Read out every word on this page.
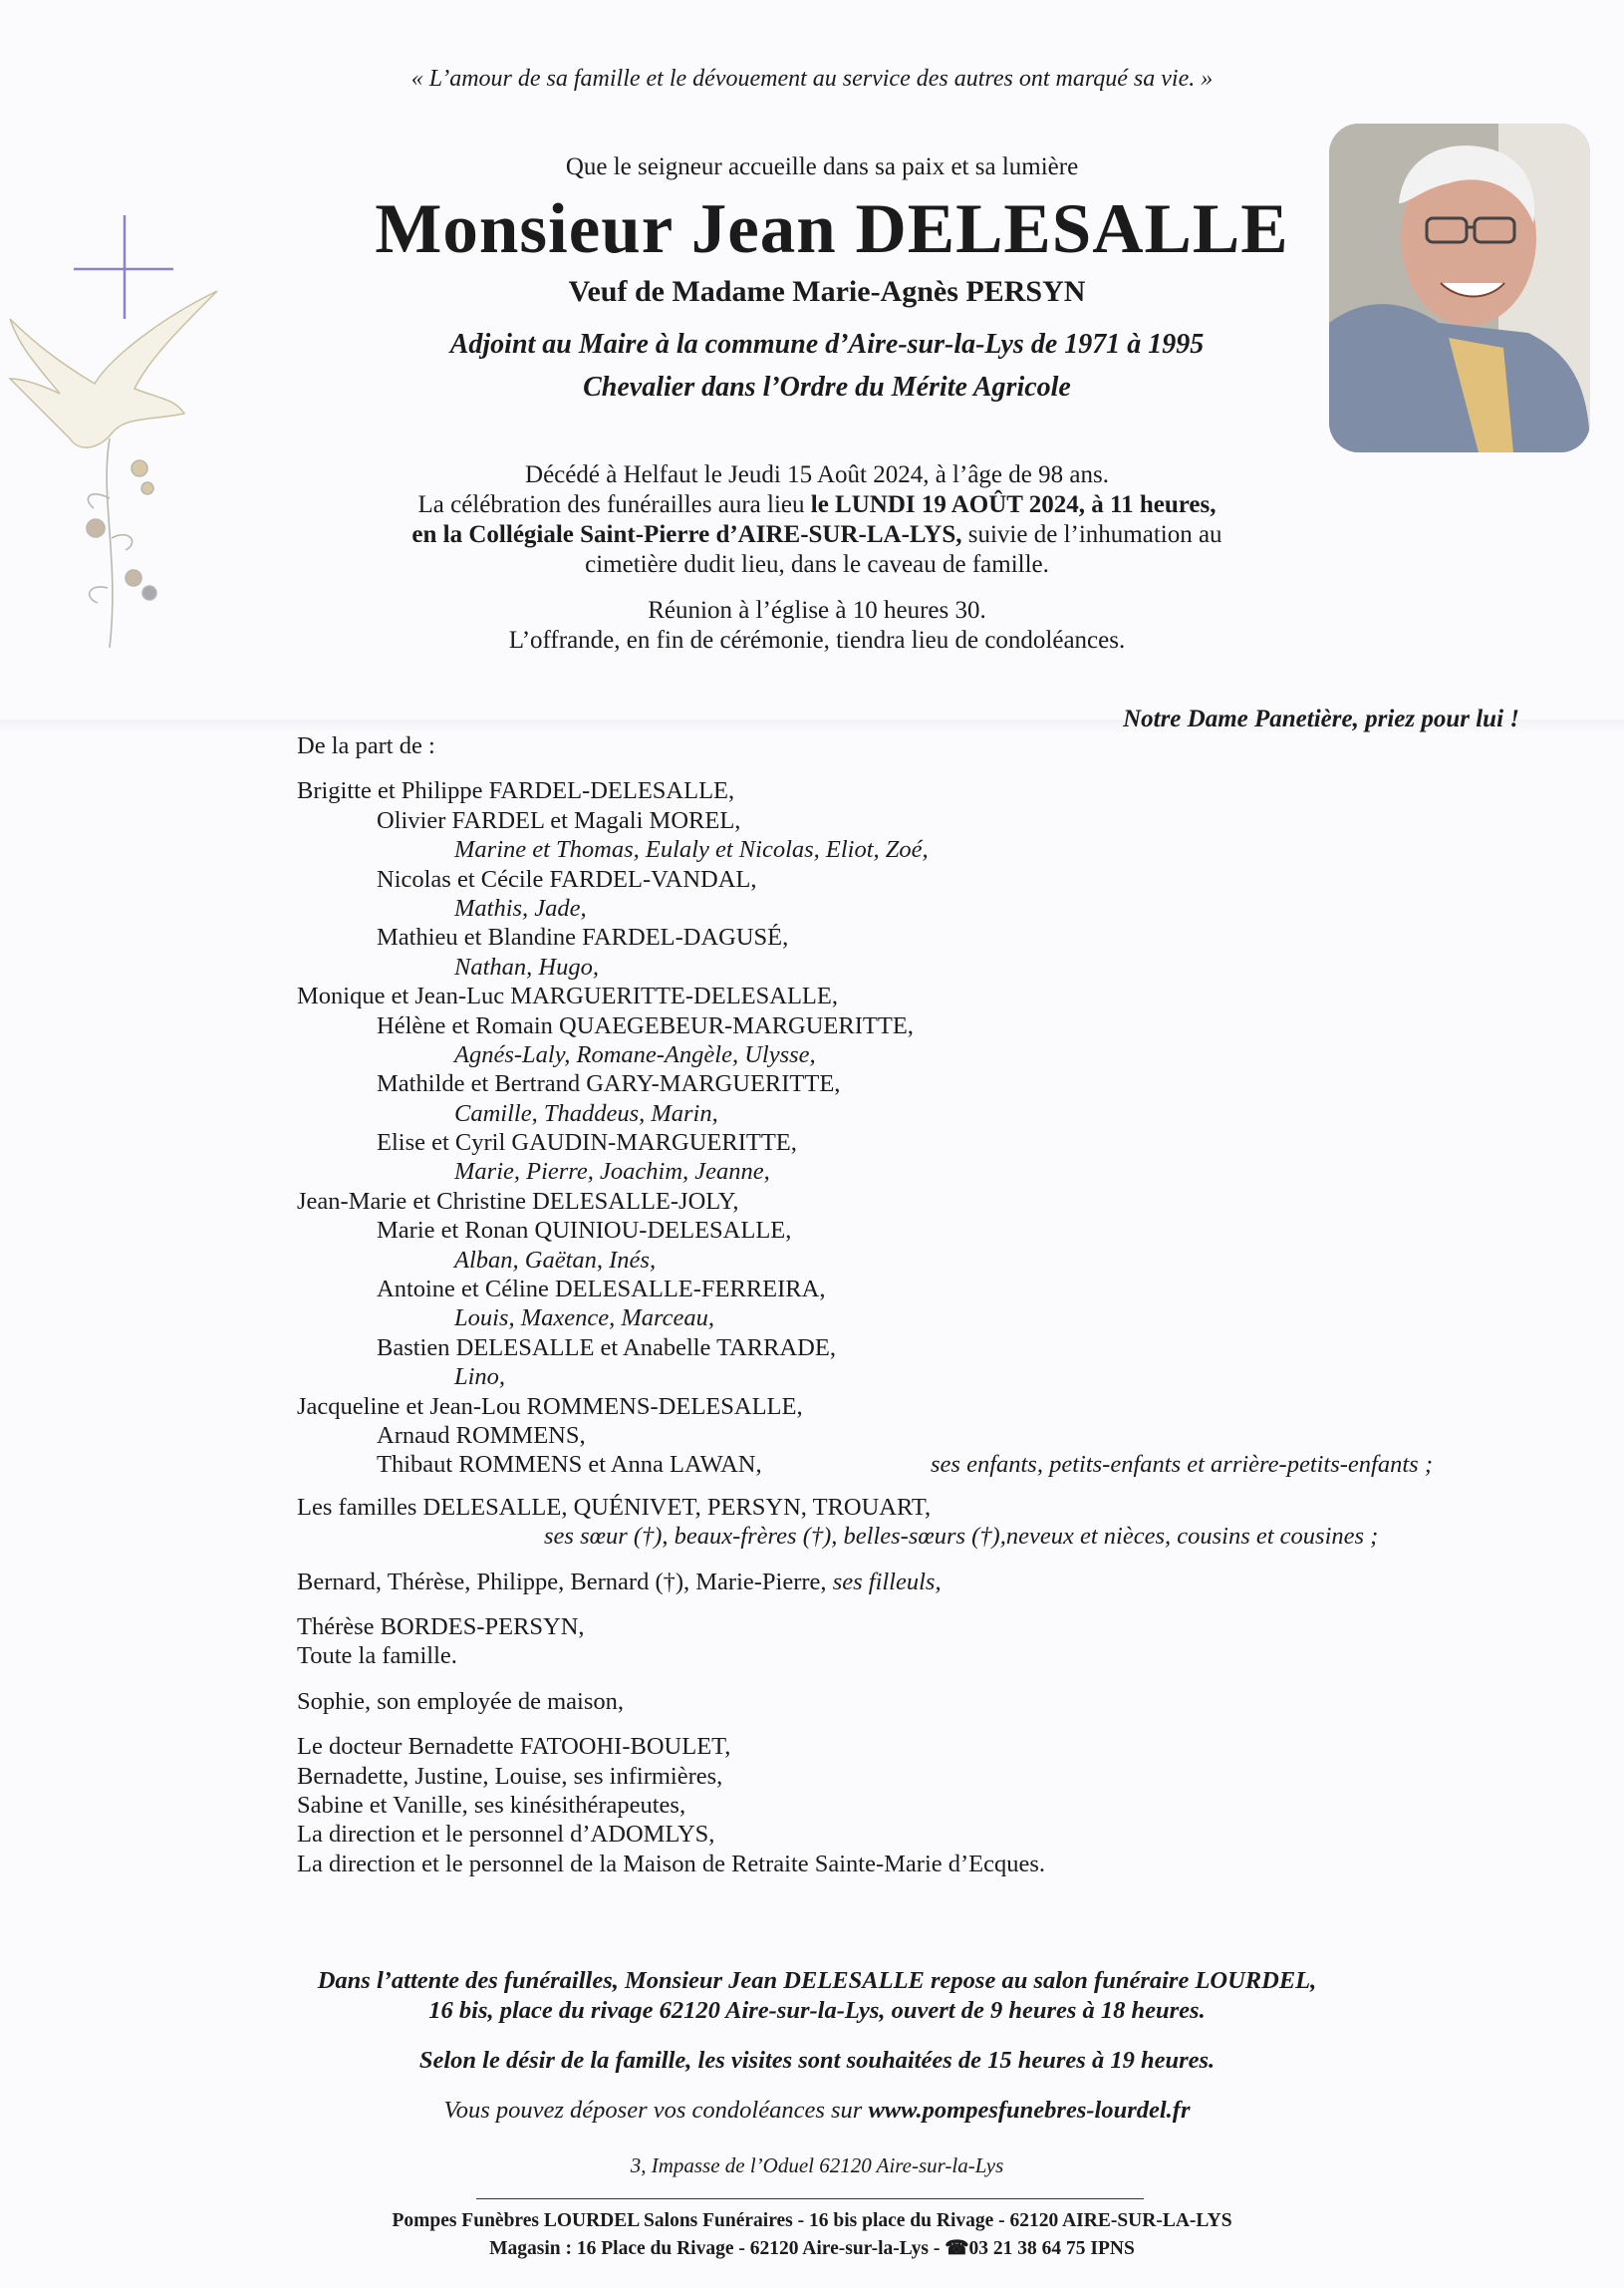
« L’amour de sa famille et le dévouement au service des autres ont marqué sa vie. »
Que le seigneur accueille dans sa paix et sa lumière
Monsieur Jean DELESALLE
Veuf de Madame Marie-Agnès PERSYN
Adjoint au Maire à la commune d’Aire-sur-la-Lys de 1971 à 1995
Chevalier dans l’Ordre du Mérite Agricole
Décédé à Helfaut le Jeudi 15 Août 2024, à l’âge de 98 ans.
La célébration des funérailles aura lieu le LUNDI 19 AOÛT 2024, à 11 heures,
en la Collégiale Saint-Pierre d’AIRE-SUR-LA-LYS, suivie de l’inhumation au
cimetière dudit lieu, dans le caveau de famille.
Réunion à l’église à 10 heures 30.
L’offrande, en fin de cérémonie, tiendra lieu de condoléances.
Notre Dame Panetière, priez pour lui !
De la part de :
Brigitte et Philippe FARDEL-DELESALLE,
Olivier FARDEL et Magali MOREL,
Marine et Thomas, Eulaly et Nicolas, Eliot, Zoé,
Nicolas et Cécile FARDEL-VANDAL,
Mathis, Jade,
Mathieu et Blandine FARDEL-DAGUSÉ,
Nathan, Hugo,
Monique et Jean-Luc MARGUERITTE-DELESALLE,
Hélène et Romain QUAEGEBEUR-MARGUERITTE,
Agnés-Laly, Romane-Angèle, Ulysse,
Mathilde et Bertrand GARY-MARGUERITTE,
Camille, Thaddeus, Marin,
Elise et Cyril GAUDIN-MARGUERITTE,
Marie, Pierre, Joachim, Jeanne,
Jean-Marie et Christine DELESALLE-JOLY,
Marie et Ronan QUINIOU-DELESALLE,
Alban, Gaëtan, Inés,
Antoine et Céline DELESALLE-FERREIRA,
Louis, Maxence, Marceau,
Bastien DELESALLE et Anabelle TARRADE,
Lino,
Jacqueline et Jean-Lou ROMMENS-DELESALLE,
Arnaud ROMMENS,
Thibaut ROMMENS et Anna LAWAN,	ses enfants, petits-enfants et arrière-petits-enfants ;
Les familles DELESALLE, QUÉNIVET, PERSYN, TROUART,
ses sœur (†), beaux-frères (†), belles-sœurs (†),neveux et nièces, cousins et cousines ;
Bernard, Thérèse, Philippe, Bernard (†), Marie-Pierre, ses filleuls,
Thérèse BORDES-PERSYN,
Toute la famille.
Sophie, son employée de maison,
Le docteur Bernadette FATOOHI-BOULET,
Bernadette, Justine, Louise, ses infirmières,
Sabine et Vanille, ses kinésithérapeutes,
La direction et le personnel d’ADOMLYS,
La direction et le personnel de la Maison de Retraite Sainte-Marie d’Ecques.
Dans l’attente des funérailles, Monsieur Jean DELESALLE repose au salon funéraire LOURDEL,
16 bis, place du rivage 62120 Aire-sur-la-Lys, ouvert de 9 heures à 18 heures.
Selon le désir de la famille, les visites sont souhaitées de 15 heures à 19 heures.
Vous pouvez déposer vos condoléances sur www.pompesfunebres-lourdel.fr
3, Impasse de l’Oduel 62120 Aire-sur-la-Lys
Pompes Funèbres LOURDEL Salons Funéraires - 16 bis place du Rivage - 62120 AIRE-SUR-LA-LYS
Magasin : 16 Place du Rivage - 62120 Aire-sur-la-Lys - ☎03 21 38 64 75 IPNS
